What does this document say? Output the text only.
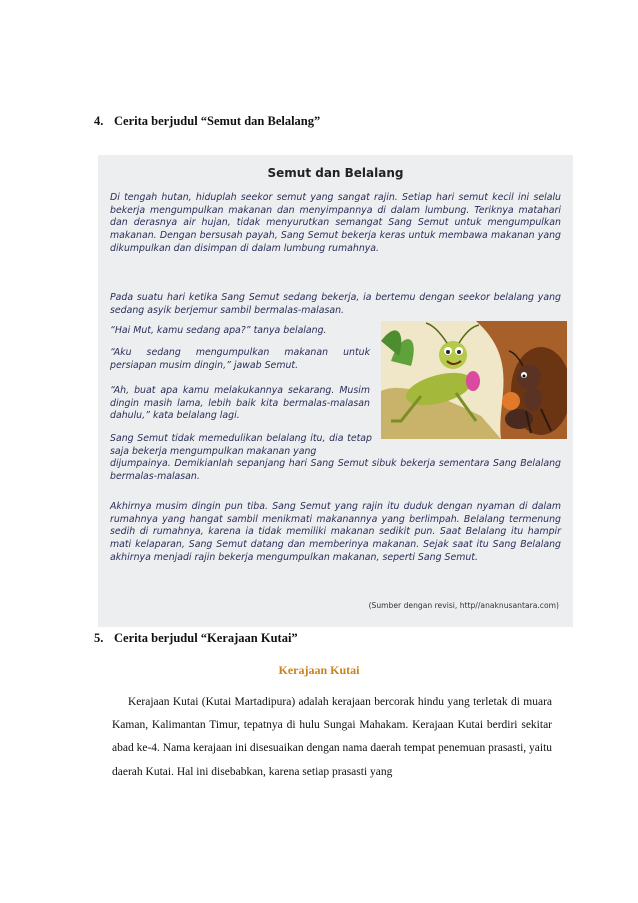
4. Cerita berjudul “Semut dan Belalang”
Semut dan Belalang

Di tengah hutan, hiduplah seekor semut yang sangat rajin. Setiap hari semut kecil ini selalu bekerja mengumpulkan makanan dan menyimpannya di dalam lumbung. Teriknya matahari dan derasnya air hujan, tidak menyurutkan semangat Sang Semut untuk mengumpulkan makanan. Dengan bersusah payah, Sang Semut bekerja keras untuk membawa makanan yang dikumpulkan dan disimpan di dalam lumbung rumahnya.

Pada suatu hari ketika Sang Semut sedang bekerja, ia bertemu dengan seekor belalang yang sedang asyik berjemur sambil bermalas-malasan.

“Hai Mut, kamu sedang apa?” tanya belalang.

“Aku sedang mengumpulkan makanan untuk persiapan musim dingin,” jawab Semut.

“Ah, buat apa kamu melakukannya sekarang. Musim dingin masih lama, lebih baik kita bermalas-malasan dahulu,” kata belalang lagi.

Sang Semut tidak memedulikan belalang itu, dia tetap saja bekerja mengumpulkan makanan yang
dijumpainya. Demikianlah sepanjang hari Sang Semut sibuk bekerja sementara Sang Belalang bermalas-malasan.

Akhirnya musim dingin pun tiba. Sang Semut yang rajin itu duduk dengan nyaman di dalam rumahnya yang hangat sambil menikmati makanannya yang berlimpah. Belalang termenung sedih di rumahnya, karena ia tidak memiliki makanan sedikit pun. Saat Belalang itu hampir mati kelaparan, Sang Semut datang dan memberinya makanan. Sejak saat itu Sang Belalang akhirnya menjadi rajin bekerja mengumpulkan makanan, seperti Sang Semut.

(Sumber dengan revisi, http//anaknusantara.com)
5. Cerita berjudul “Kerajaan Kutai”
Kerajaan Kutai

Kerajaan Kutai (Kutai Martadipura) adalah kerajaan bercorak hindu yang terletak di muara Kaman, Kalimantan Timur, tepatnya di hulu Sungai Mahakam. Kerajaan Kutai berdiri sekitar abad ke-4. Nama kerajaan ini disesuaikan dengan nama daerah tempat penemuan prasasti, yaitu daerah Kutai. Hal ini disebabkan, karena setiap prasasti yang
